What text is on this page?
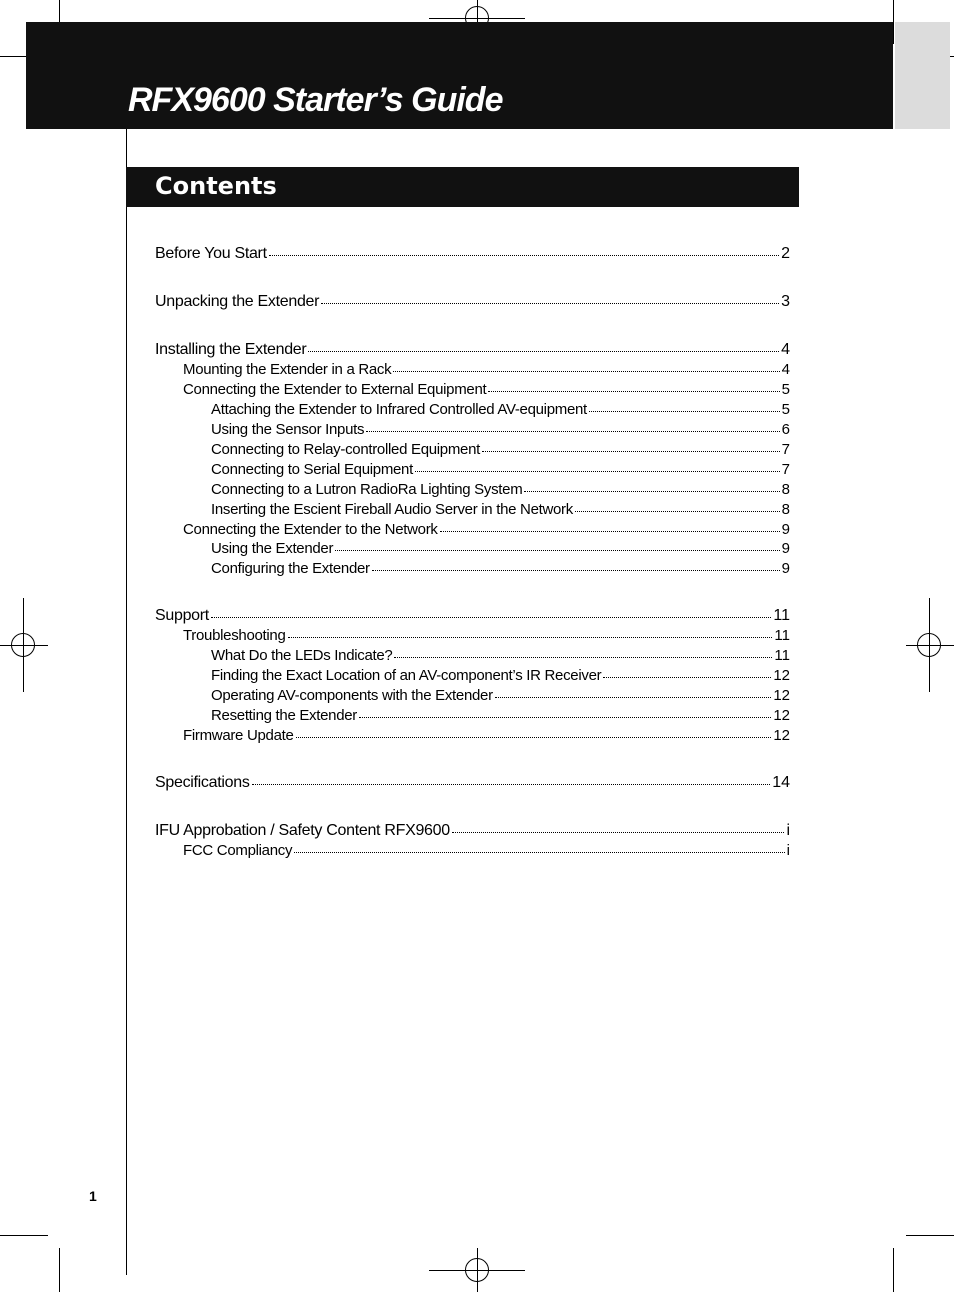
RFX9600 Starter’s Guide
Contents
Before You Start	2
Unpacking the Extender	3
Installing the Extender	4
Mounting the Extender in a Rack	4
Connecting the Extender to External Equipment	5
Attaching the Extender to Infrared Controlled AV-equipment	5
Using the Sensor Inputs	6
Connecting to Relay-controlled Equipment	7
Connecting to Serial Equipment	7
Connecting to a Lutron RadioRa Lighting System	8
Inserting the Escient Fireball Audio Server in the Network	8
Connecting the Extender to the Network	9
Using the Extender	9
Configuring the Extender	9
Support	11
Troubleshooting	11
What Do the LEDs Indicate?	11
Finding the Exact Location of an AV-component’s IR Receiver	12
Operating AV-components with the Extender	12
Resetting the Extender	12
Firmware Update	12
Specifications	14
IFU Approbation / Safety Content RFX9600	i
FCC Compliancy	i
1
